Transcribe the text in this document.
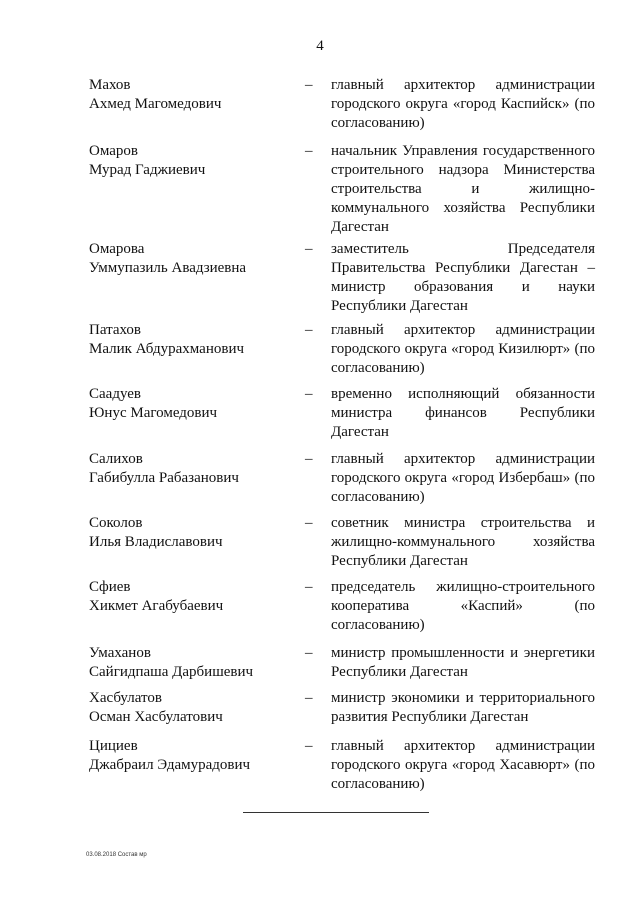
4
Махов
Ахмед Магомедович
– главный архитектор администрации городского округа «город Каспийск» (по согласованию)
Омаров
Мурад Гаджиевич
– начальник Управления государственного строительного надзора Министерства строительства и жилищно-коммунального хозяйства Республики Дагестан
Омарова
Уммупазиль Авадзиевна
– заместитель Председателя Правительства Республики Дагестан – министр образования и науки Республики Дагестан
Патахов
Малик Абдурахманович
– главный архитектор администрации городского округа «город Кизилюрт» (по согласованию)
Саадуев
Юнус Магомедович
– временно исполняющий обязанности министра финансов Республики Дагестан
Салихов
Габибулла Рабазанович
– главный архитектор администрации городского округа «город Избербаш» (по согласованию)
Соколов
Илья Владиславович
– советник министра строительства и жилищно-коммунального хозяйства Республики Дагестан
Сфиев
Хикмет Агабубаевич
– председатель жилищно-строительного кооператива «Каспий» (по согласованию)
Умаханов
Сайгидпаша Дарбишевич
– министр промышленности и энергетики Республики Дагестан
Хасбулатов
Осман Хасбулатович
– министр экономики и территориального развития Республики Дагестан
Цициев
Джабраил Эдамурадович
– главный архитектор администрации городского округа «город Хасавюрт» (по согласованию)
03.08.2018 Состав мр
